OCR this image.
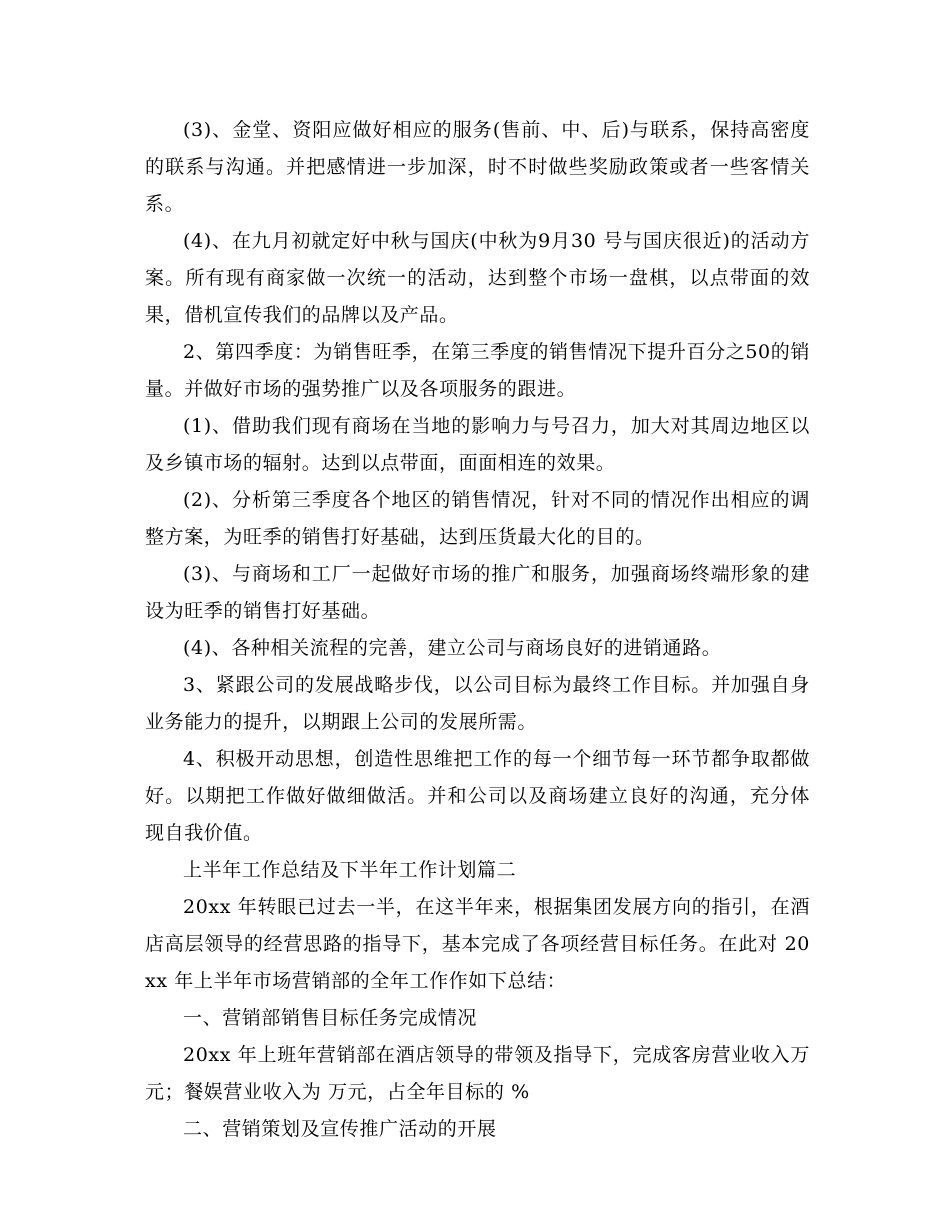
(3)、金堂、资阳应做好相应的服务(售前、中、后)与联系，保持高密度的联系与沟通。并把感情进一步加深，时不时做些奖励政策或者一些客情关系。

(4)、在九月初就定好中秋与国庆(中秋为9月30 号与国庆很近)的活动方案。所有现有商家做一次统一的活动，达到整个市场一盘棋，以点带面的效果，借机宣传我们的品牌以及产品。

2、第四季度：为销售旺季，在第三季度的销售情况下提升百分之50的销量。并做好市场的强势推广以及各项服务的跟进。

(1)、借助我们现有商场在当地的影响力与号召力，加大对其周边地区以及乡镇市场的辐射。达到以点带面，面面相连的效果。

(2)、分析第三季度各个地区的销售情况，针对不同的情况作出相应的调整方案，为旺季的销售打好基础，达到压货最大化的目的。

(3)、与商场和工厂一起做好市场的推广和服务，加强商场终端形象的建设为旺季的销售打好基础。

(4)、各种相关流程的完善，建立公司与商场良好的进销通路。

3、紧跟公司的发展战略步伐，以公司目标为最终工作目标。并加强自身业务能力的提升，以期跟上公司的发展所需。

4、积极开动思想，创造性思维把工作的每一个细节每一环节都争取都做好。以期把工作做好做细做活。并和公司以及商场建立良好的沟通，充分体现自我价值。

上半年工作总结及下半年工作计划篇二

20xx 年转眼已过去一半，在这半年来，根据集团发展方向的指引，在酒店高层领导的经营思路的指导下，基本完成了各项经营目标任务。在此对 20xx 年上半年市场营销部的全年工作作如下总结：

一、营销部销售目标任务完成情况

20xx 年上班年营销部在酒店领导的带领及指导下，完成客房营业收入万元；餐娱营业收入为 万元，占全年目标的 %

二、营销策划及宣传推广活动的开展
